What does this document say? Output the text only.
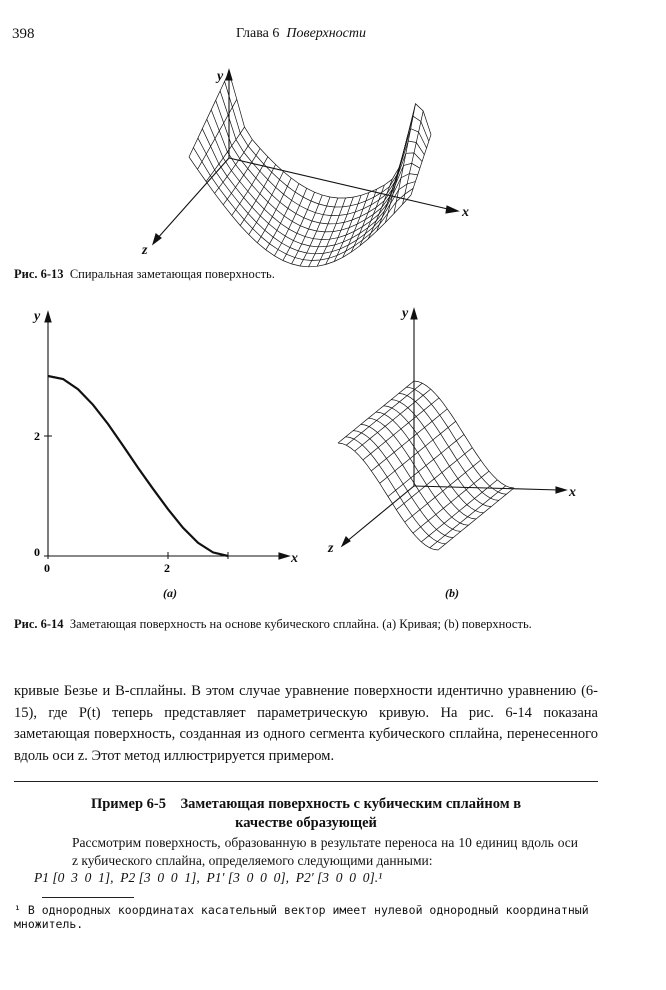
398	Глава 6 Поверхности
y
x
z
Рис. 6-13 Спиральная заметающая поверхность.
y
x
0	2
0
2
(a)
y
x
z
(b)
Рис. 6-14 Заметающая поверхность на основе кубического сплайна. (a) Кривая; (b) поверхность.
кривые Безье и B-сплайны. В этом случае уравнение поверхности идентично уравнению (6-15), где P(t) теперь представляет параметрическую кривую. На рис. 6-14 показана заметающая поверхность, созданная из одного сегмента кубического сплайна, перенесенного вдоль оси z. Этот метод иллюстрируется примером.
Пример 6-5    Заметающая поверхность с кубическим сплайном в
качестве образующей
Рассмотрим поверхность, образованную в результате переноса на 10 единиц вдоль оси z кубического сплайна, определяемого следующими данными:
P1 [0  3  0  1],  P2 [3  0  0  1],  P1′ [3  0  0  0],  P2′ [3  0  0  0].¹
¹ В однородных координатах касательный вектор имеет нулевой однородный координатный множитель.
